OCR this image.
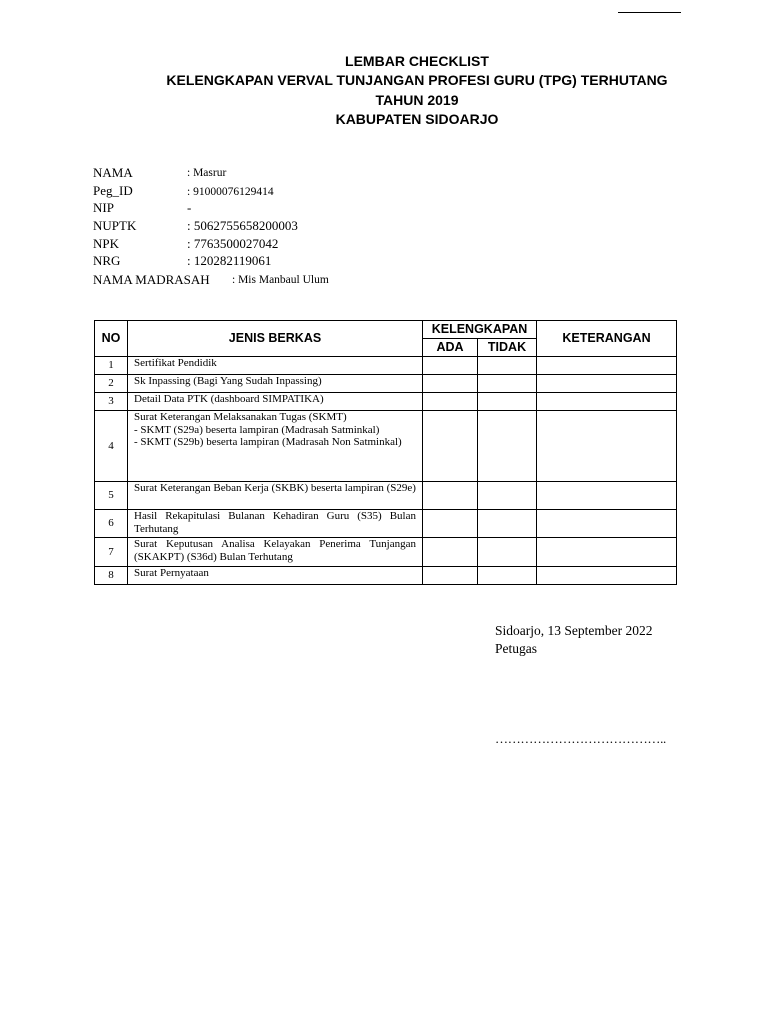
LEMBAR CHECKLIST
KELENGKAPAN VERVAL TUNJANGAN PROFESI GURU (TPG) TERHUTANG
TAHUN 2019
KABUPATEN SIDOARJO
NAMA	: Masrur
Peg_ID	: 91000076129414
NIP	-
NUPTK	: 5062755658200003
NPK	: 7763500027042
NRG	: 120282119061
NAMA MADRASAH : Mis Manbaul Ulum
NO	JENIS BERKAS	KELENGKAPAN		KETERANGAN
		ADA	TIDAK	
1	Sertifikat Pendidik			

2	Sk Inpassing (Bagi Yang Sudah Inpassing)			

3	Detail Data PTK (dashboard SIMPATIKA)			

4	Surat Keterangan Melaksanakan Tugas (SKMT)
- SKMT (S29a) beserta lampiran (Madrasah Satminkal)
- SKMT (S29b) beserta lampiran (Madrasah Non Satminkal)			

5	Surat Keterangan Beban Kerja (SKBK) beserta lampiran (S29e)			

6	Hasil Rekapitulasi Bulanan Kehadiran Guru (S35) Bulan Terhutang			

7	Surat Keputusan Analisa Kelayakan Penerima Tunjangan (SKAKPT) (S36d) Bulan Terhutang			

8	Surat Pernyataan			

Sidoarjo, 13 September 2022
Petugas
…………………………………..
